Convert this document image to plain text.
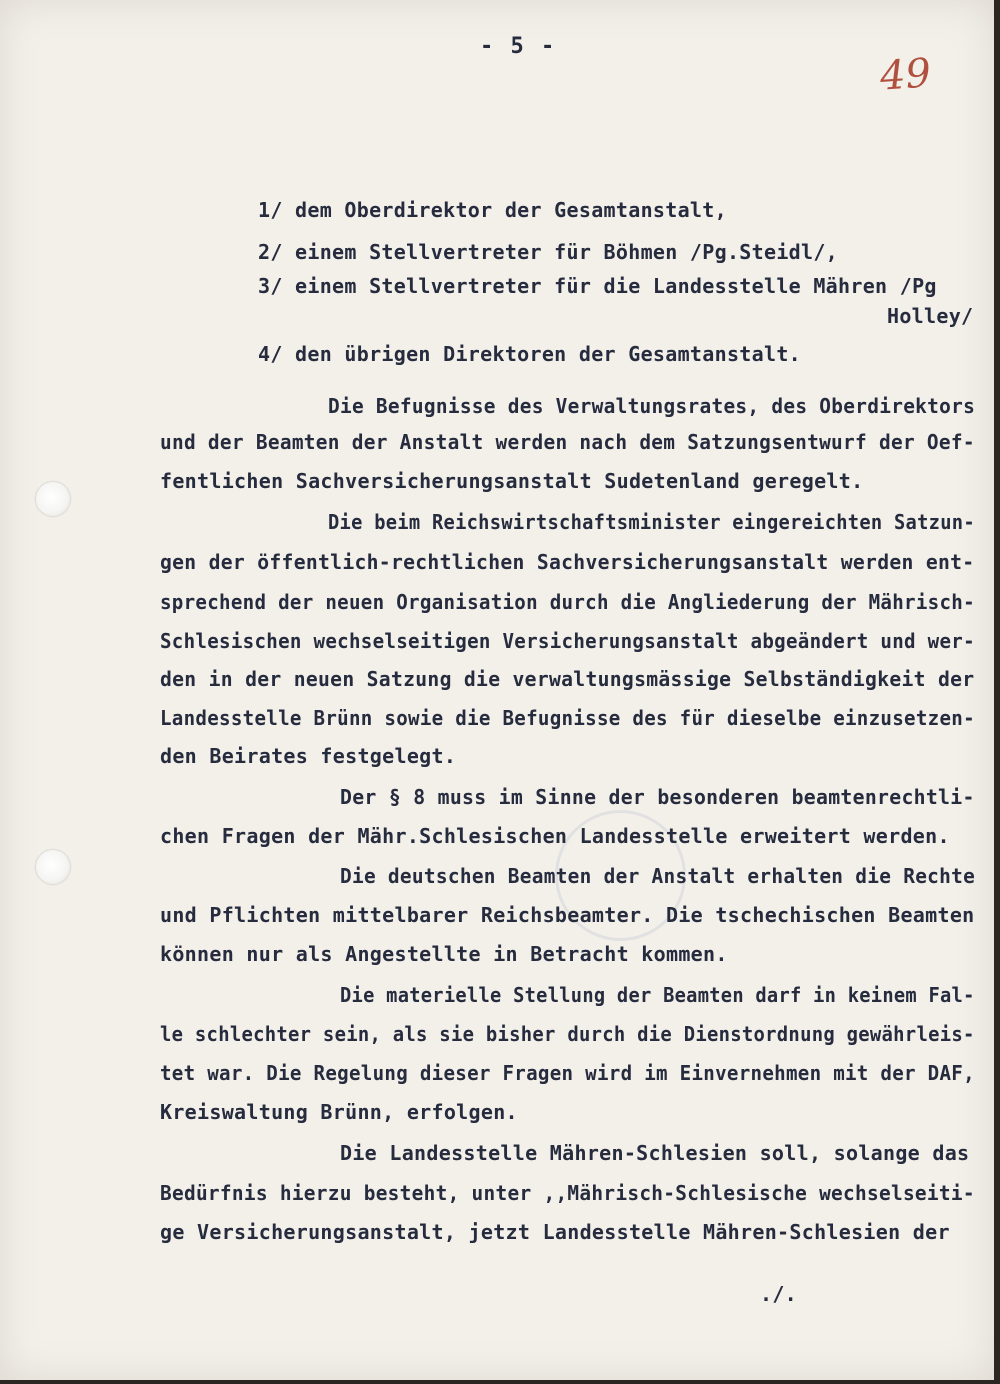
- 5 -
49
1/ dem Oberdirektor der Gesamtanstalt,
2/ einem Stellvertreter für Böhmen /Pg.Steidl/,
3/ einem Stellvertreter für die Landesstelle Mähren /Pg
Holley/
4/ den übrigen Direktoren der Gesamtanstalt.
Die Befugnisse des Verwaltungsrates, des Oberdirektors
und der Beamten der Anstalt werden nach dem Satzungsentwurf der Oef-
fentlichen Sachversicherungsanstalt Sudetenland geregelt.
Die beim Reichswirtschaftsminister eingereichten Satzun-
gen der öffentlich-rechtlichen Sachversicherungsanstalt werden ent-
sprechend der neuen Organisation durch die Angliederung der Mährisch-
Schlesischen wechselseitigen Versicherungsanstalt abgeändert und wer-
den in der neuen Satzung die verwaltungsmässige Selbständigkeit der
Landesstelle Brünn sowie die Befugnisse des für dieselbe einzusetzen-
den Beirates festgelegt.
Der § 8 muss im Sinne der besonderen beamtenrechtli-
chen Fragen der Mähr.Schlesischen Landesstelle erweitert werden.
Die deutschen Beamten der Anstalt erhalten die Rechte
und Pflichten mittelbarer Reichsbeamter. Die tschechischen Beamten
können nur als Angestellte in Betracht kommen.
Die materielle Stellung der Beamten darf in keinem Fal-
le schlechter sein, als sie bisher durch die Dienstordnung gewährleis-
tet war. Die Regelung dieser Fragen wird im Einvernehmen mit der DAF,
Kreiswaltung Brünn, erfolgen.
Die Landesstelle Mähren-Schlesien soll, solange das
Bedürfnis hierzu besteht, unter ,,Mährisch-Schlesische wechselseiti-
ge Versicherungsanstalt, jetzt Landesstelle Mähren-Schlesien der
./.
